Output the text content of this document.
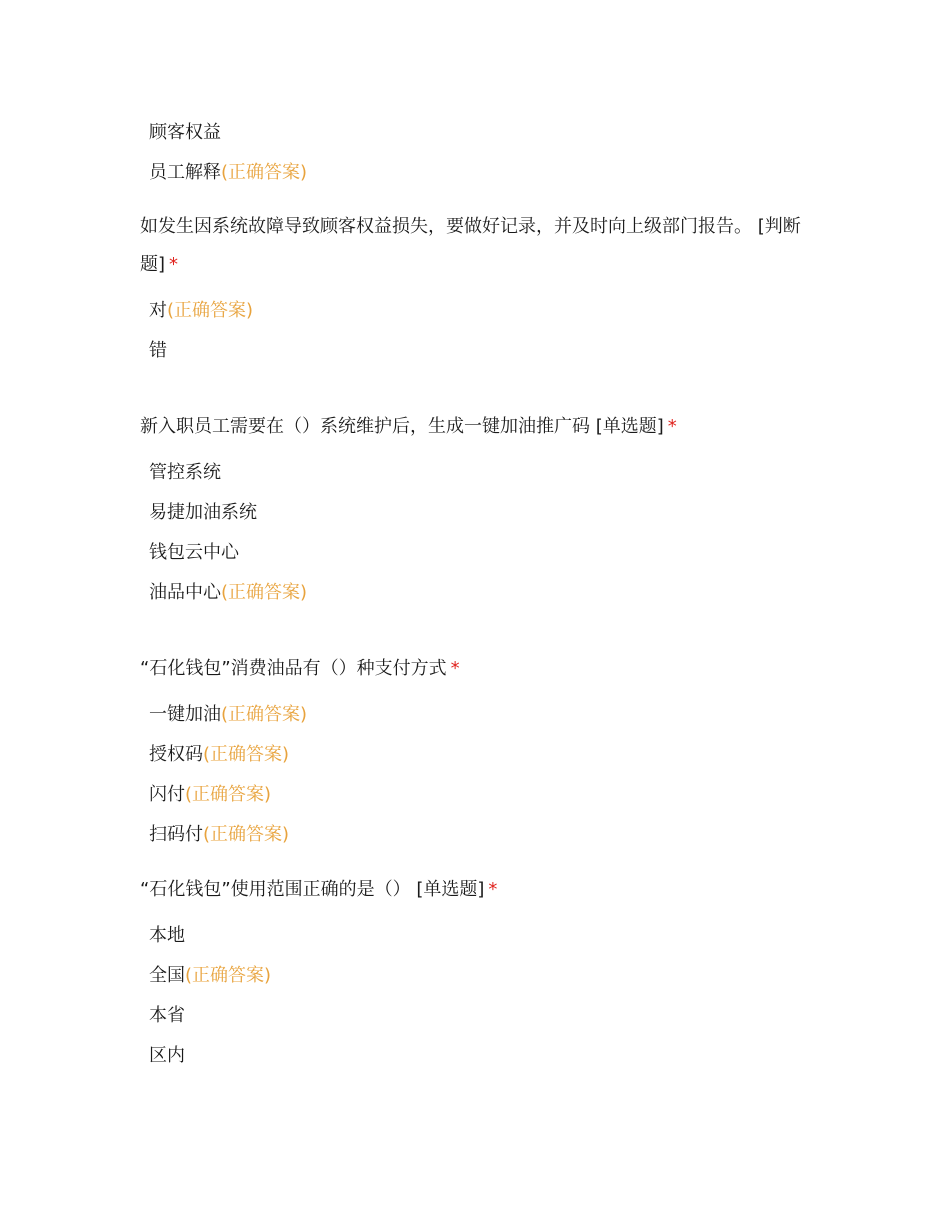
顾客权益
员工解释(正确答案)

如发生因系统故障导致顾客权益损失，要做好记录，并及时向上级部门报告。 [判断题] *

对(正确答案)
错

新入职员工需要在（）系统维护后，生成一键加油推广码 [单选题] *

管控系统
易捷加油系统
钱包云中心
油品中心(正确答案)

“石化钱包”消费油品有（）种支付方式 *

一键加油(正确答案)
授权码(正确答案)
闪付(正确答案)
扫码付(正确答案)

“石化钱包”使用范围正确的是（） [单选题] *

本地
全国(正确答案)
本省
区内
